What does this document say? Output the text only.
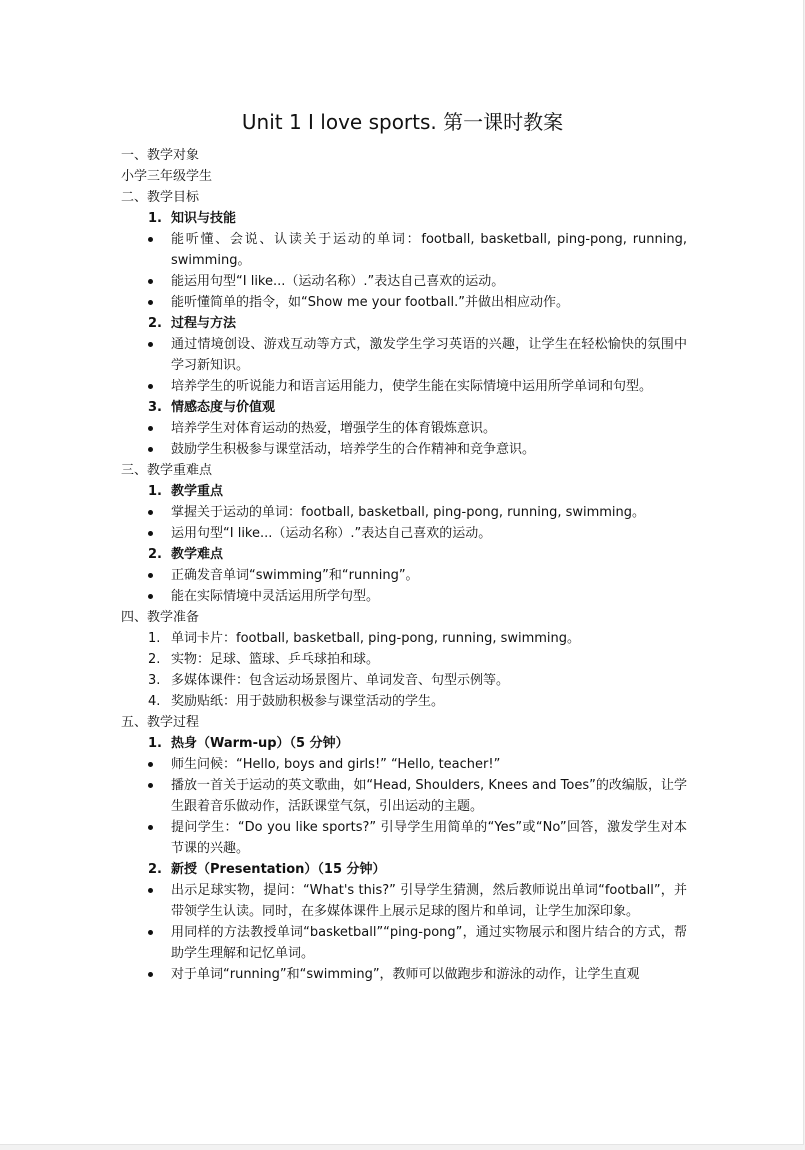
Unit 1 I love sports. 第一课时教案

一、教学对象

小学三年级学生

二、教学目标

1. 知识与技能

能听懂、会说、认读关于运动的单词：football, basketball, ping-pong, running, swimming。

能运用句型“I like...（运动名称）.”表达自己喜欢的运动。

能听懂简单的指令，如“Show me your football.”并做出相应动作。

2. 过程与方法

通过情境创设、游戏互动等方式，激发学生学习英语的兴趣，让学生在轻松愉快的氛围中学习新知识。

培养学生的听说能力和语言运用能力，使学生能在实际情境中运用所学单词和句型。

3. 情感态度与价值观

培养学生对体育运动的热爱，增强学生的体育锻炼意识。

鼓励学生积极参与课堂活动，培养学生的合作精神和竞争意识。

三、教学重难点

1. 教学重点

掌握关于运动的单词：football, basketball, ping-pong, running, swimming。

运用句型“I like...（运动名称）.”表达自己喜欢的运动。

2. 教学难点

正确发音单词“swimming”和“running”。

能在实际情境中灵活运用所学句型。

四、教学准备

1. 单词卡片：football, basketball, ping-pong, running, swimming。

2. 实物：足球、篮球、乒乓球拍和球。

3. 多媒体课件：包含运动场景图片、单词发音、句型示例等。

4. 奖励贴纸：用于鼓励积极参与课堂活动的学生。

五、教学过程

1. 热身（Warm-up）（5 分钟）

师生问候：“Hello, boys and girls!” “Hello, teacher!”

播放一首关于运动的英文歌曲，如“Head, Shoulders, Knees and Toes”的改编版，让学生跟着音乐做动作，活跃课堂气氛，引出运动的主题。

提问学生：“Do you like sports?” 引导学生用简单的“Yes”或“No”回答，激发学生对本节课的兴趣。

2. 新授（Presentation）（15 分钟）

出示足球实物，提问：“What's this?” 引导学生猜测，然后教师说出单词“football”，并带领学生认读。同时，在多媒体课件上展示足球的图片和单词，让学生加深印象。

用同样的方法教授单词“basketball”“ping-pong”，通过实物展示和图片结合的方式，帮助学生理解和记忆单词。

对于单词“running”和“swimming”，教师可以做跑步和游泳的动作，让学生直观
